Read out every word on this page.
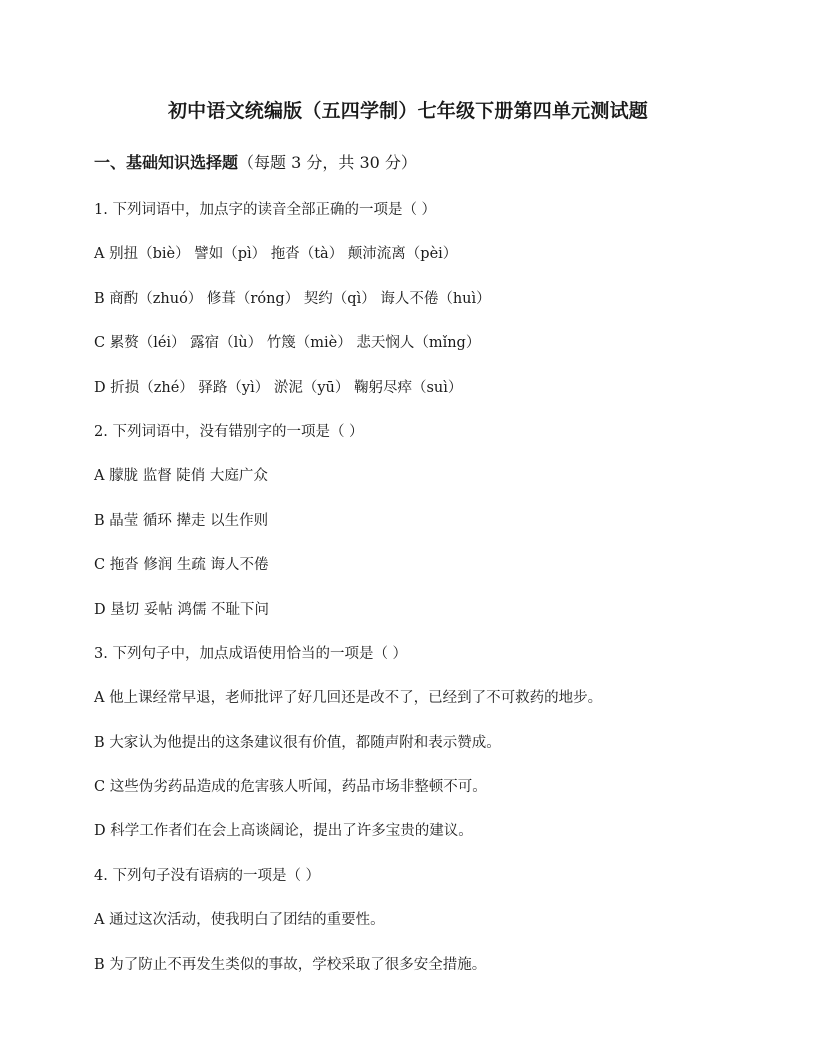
初中语文统编版（五四学制）七年级下册第四单元测试题
一、基础知识选择题（每题 3 分，共 30 分）
1. 下列词语中，加点字的读音全部正确的一项是（ ）
A 别扭（biè） 譬如（pì） 拖沓（tà） 颠沛流离（pèi）
B 商酌（zhuó） 修葺（róng） 契约（qì） 诲人不倦（huì）
C 累赘（léi） 露宿（lù） 竹篾（miè） 悲天悯人（mǐng）
D 折损（zhé） 驿路（yì） 淤泥（yū） 鞠躬尽瘁（suì）
2. 下列词语中，没有错别字的一项是（ ）
A 朦胧 监督 陡俏 大庭广众
B 晶莹 循环 撵走 以生作则
C 拖沓 修润 生疏 诲人不倦
D 垦切 妥帖 鸿儒 不耻下问
3. 下列句子中，加点成语使用恰当的一项是（ ）
A 他上课经常早退，老师批评了好几回还是改不了，已经到了不可救药的地步。
B 大家认为他提出的这条建议很有价值，都随声附和表示赞成。
C 这些伪劣药品造成的危害骇人听闻，药品市场非整顿不可。
D 科学工作者们在会上高谈阔论，提出了许多宝贵的建议。
4. 下列句子没有语病的一项是（ ）
A 通过这次活动，使我明白了团结的重要性。
B 为了防止不再发生类似的事故，学校采取了很多安全措施。
